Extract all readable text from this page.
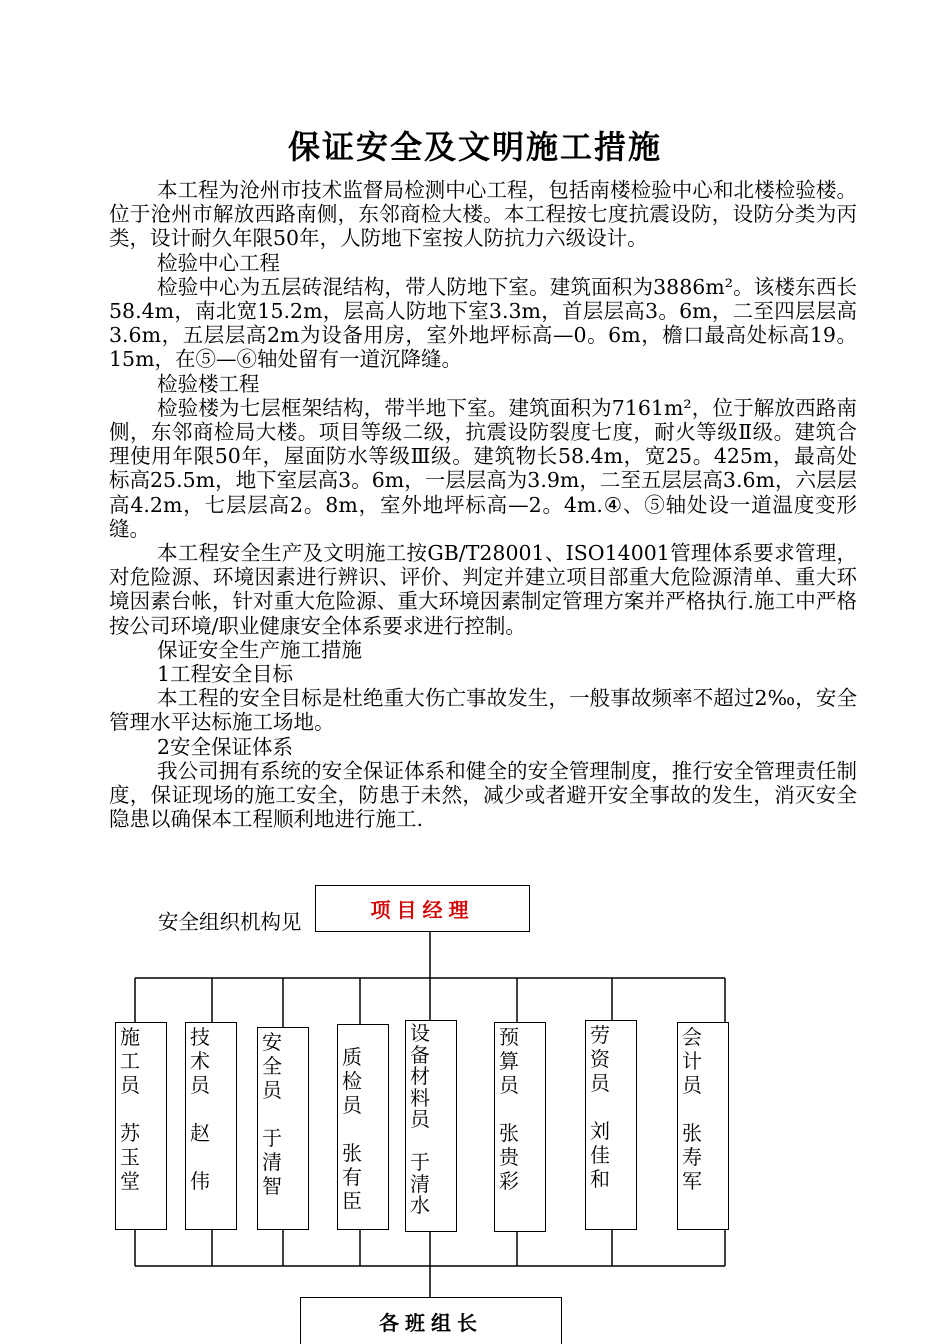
保证安全及文明施工措施

本工程为沧州市技术监督局检测中心工程，包括南楼检验中心和北楼检验楼。位于沧州市解放西路南侧，东邻商检大楼。本工程按七度抗震设防，设防分类为丙类，设计耐久年限50年，人防地下室按人防抗力六级设计。

检验中心工程

检验中心为五层砖混结构，带人防地下室。建筑面积为3886m²。该楼东西长58.4m，南北宽15.2m，层高人防地下室3.3m，首层层高3。6m，二至四层层高3.6m，五层层高2m为设备用房，室外地坪标高—0。6m，檐口最高处标高19。15m，在⑤—⑥轴处留有一道沉降缝。

检验楼工程

检验楼为七层框架结构，带半地下室。建筑面积为7161m²，位于解放西路南侧，东邻商检局大楼。项目等级二级，抗震设防裂度七度，耐火等级Ⅱ级。建筑合理使用年限50年，屋面防水等级Ⅲ级。建筑物长58.4m，宽25。425m，最高处标高25.5m，地下室层高3。6m，一层层高为3.9m，二至五层层高3.6m，六层层高4.2m，七层层高2。8m，室外地坪标高—2。4m.④、⑤轴处设一道温度变形缝。

本工程安全生产及文明施工按GB/T28001、ISO14001管理体系要求管理，对危险源、环境因素进行辨识、评价、判定并建立项目部重大危险源清单、重大环境因素台帐，针对重大危险源、重大环境因素制定管理方案并严格执行.施工中严格按公司环境/职业健康安全体系要求进行控制。

保证安全生产施工措施

1工程安全目标

本工程的安全目标是杜绝重大伤亡事故发生，一般事故频率不超过2‰，安全管理水平达标施工场地。

2安全保证体系

我公司拥有系统的安全保证体系和健全的安全管理制度，推行安全管理责任制度，保证现场的施工安全，防患于未然，减少或者避开安全事故的发生，消灭安全隐患以确保本工程顺利地进行施工.

安全组织机构见	项目经理
施
工
员

苏
玉
堂
技
术
员

赵

伟
安
全
员

于
清
智
质
检
员

张
有
臣
设
备
材
料
员

于
清
水
预
算
员

张
贵
彩
劳
资
员

刘
佳
和
会
计
员

张
寿
军
各班组长
